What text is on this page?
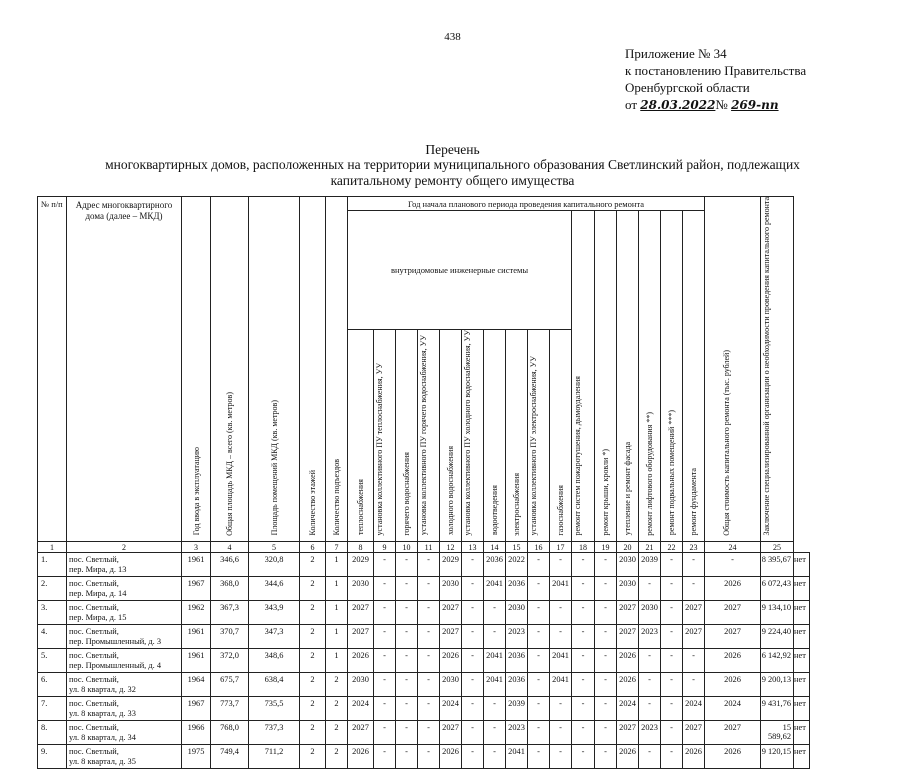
438
Приложение № 34
к постановлению Правительства
Оренбургской области
от 28.03.2022№ 269-пп
Перечень
многоквартирных домов, расположенных на территории муниципального образования Светлинский район, подлежащих
капитальному ремонту общего имущества
№ п/п	Адрес многоквартирного дома (далее – МКД)	Год ввода в эксплуатацию	Общая площадь МКД – всего (кв. метров)	Площадь помещений МКД (кв. метров)	Количество этажей	Количество подъездов	Год начала планового периода проведения капитального ремонта																Общая стоимость капитального ремонта (тыс. рублей)	Заключение специализированной организации о необходимости проведения капитального ремонта	
							внутридомовые инженерные системы										ремонт систем пожаротушения, дымоудаления	ремонт крыши, кровли *)	утепление и ремонт фасада	ремонт лифтового оборудования **)	ремонт подвальных помещений ***)	ремонт фундамента			
							теплоснабжения	установка коллективного ПУ теплоснабжения, УУ	горячего водоснабжения	установка коллективного ПУ горячего водоснабжения, УУ	холодного водоснабжения	установка коллективного ПУ холодного водоснабжения, УУ	водоотведения	электроснабжения	установка коллективного ПУ электроснабжения, УУ	газоснабжения									
1	2	3	4	5	6	7	8	9	10	11	12	13	14	15	16	17	18	19	20	21	22	23	24	25	
1.	пос. Светлый,
пер. Мира, д. 13	1961	346,6	320,8	2	1	2029	-	-	-	2029	-	2036	2022	-	-	-	-	2030	2039	-	-	-	8 395,67	нет
2.	пос. Светлый,
пер. Мира, д. 14	1967	368,0	344,6	2	1	2030	-	-	-	2030	-	2041	2036	-	2041	-	-	2030	-	-	-	2026	6 072,43	нет
3.	пос. Светлый,
пер. Мира, д. 15	1962	367,3	343,9	2	1	2027	-	-	-	2027	-	-	2030	-	-	-	-	2027	2030	-	2027	2027	9 134,10	нет
4.	пос. Светлый,
пер. Промышленный, д. 3	1961	370,7	347,3	2	1	2027	-	-	-	2027	-	-	2023	-	-	-	-	2027	2023	-	2027	2027	9 224,40	нет
5.	пос. Светлый,
пер. Промышленный, д. 4	1961	372,0	348,6	2	1	2026	-	-	-	2026	-	2041	2036	-	2041	-	-	2026	-	-	-	2026	6 142,92	нет
6.	пос. Светлый,
ул. 8 квартал, д. 32	1964	675,7	638,4	2	2	2030	-	-	-	2030	-	2041	2036	-	2041	-	-	2026	-	-	-	2026	9 200,13	нет
7.	пос. Светлый,
ул. 8 квартал, д. 33	1967	773,7	735,5	2	2	2024	-	-	-	2024	-	-	2039	-	-	-	-	2024	-	-	2024	2024	9 431,76	нет
8.	пос. Светлый,
ул. 8 квартал, д. 34	1966	768,0	737,3	2	2	2027	-	-	-	2027	-	-	2023	-	-	-	-	2027	2023	-	2027	2027	15 589,62	нет
9.	пос. Светлый,
ул. 8 квартал, д. 35	1975	749,4	711,2	2	2	2026	-	-	-	2026	-	-	2041	-	-	-	-	2026	-	-	2026	2026	9 120,15	нет
